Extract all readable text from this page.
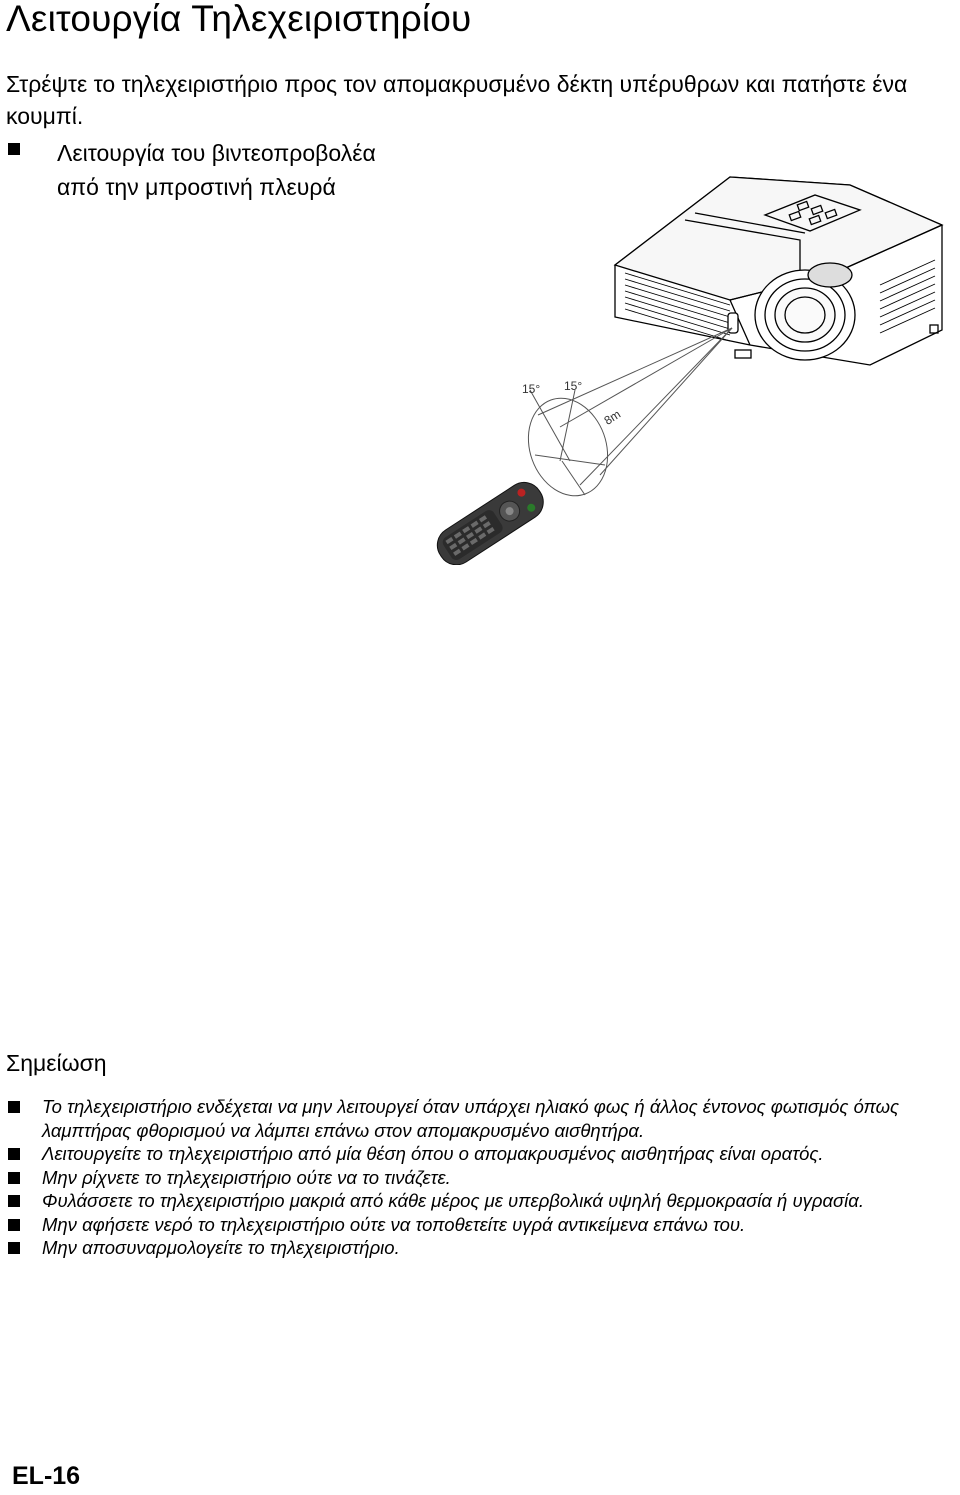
Λειτουργία Τηλεχειριστηρίου

Στρέψτε το τηλεχειριστήριο προς τον απομακρυσμένο δέκτη υπέρυθρων και πατήστε ένα κουμπί.

Λειτουργία του βιντεοπροβολέα από την μπροστινή πλευρά
15° 15°
8m
Σημείωση
Το τηλεχειριστήριο ενδέχεται να μην λειτουργεί όταν υπάρχει ηλιακό φως ή άλλος έντονος φωτισμός όπως λαμπτήρας φθορισμού να λάμπει επάνω στον απομακρυσμένο αισθητήρα.
Λειτουργείτε το τηλεχειριστήριο από μία θέση όπου ο απομακρυσμένος αισθητήρας είναι ορατός.
Μην ρίχνετε το τηλεχειριστήριο ούτε να το τινάζετε.
Φυλάσσετε το τηλεχειριστήριο μακριά από κάθε μέρος με υπερβολικά υψηλή θερμοκρασία ή υγρασία.
Μην αφήσετε νερό το τηλεχειριστήριο ούτε να τοποθετείτε υγρά αντικείμενα επάνω του.
Μην αποσυναρμολογείτε το τηλεχειριστήριο.
EL-16
